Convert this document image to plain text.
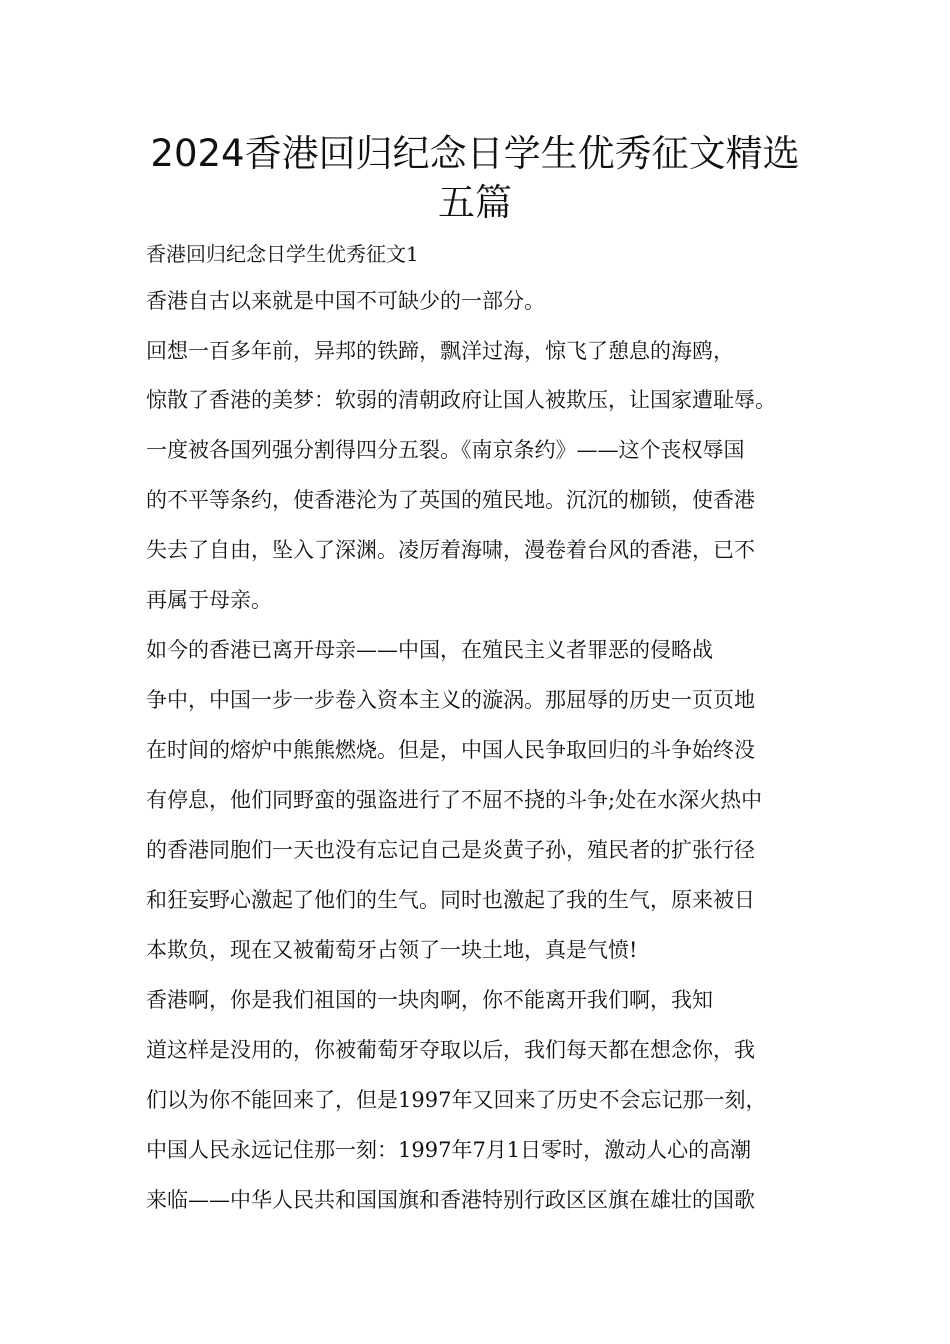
2024香港回归纪念日学生优秀征文精选
五篇

香港回归纪念日学生优秀征文1

香港自古以来就是中国不可缺少的一部分。

回想一百多年前，异邦的铁蹄，飘洋过海，惊飞了憩息的海鸥，

惊散了香港的美梦：软弱的清朝政府让国人被欺压，让国家遭耻辱。

一度被各国列强分割得四分五裂。《南京条约》——这个丧权辱国

的不平等条约，使香港沦为了英国的殖民地。沉沉的枷锁，使香港

失去了自由，坠入了深渊。凌厉着海啸，漫卷着台风的香港，已不

再属于母亲。

如今的香港已离开母亲——中国，在殖民主义者罪恶的侵略战

争中，中国一步一步卷入资本主义的漩涡。那屈辱的历史一页页地

在时间的熔炉中熊熊燃烧。但是，中国人民争取回归的斗争始终没

有停息，他们同野蛮的强盗进行了不屈不挠的斗争;处在水深火热中

的香港同胞们一天也没有忘记自己是炎黄子孙，殖民者的扩张行径

和狂妄野心激起了他们的生气。同时也激起了我的生气，原来被日

本欺负，现在又被葡萄牙占领了一块土地，真是气愤!

香港啊，你是我们祖国的一块肉啊，你不能离开我们啊，我知

道这样是没用的，你被葡萄牙夺取以后，我们每天都在想念你，我

们以为你不能回来了，但是1997年又回来了历史不会忘记那一刻，

中国人民永远记住那一刻：1997年7月1日零时，激动人心的高潮

来临——中华人民共和国国旗和香港特别行政区区旗在雄壮的国歌
